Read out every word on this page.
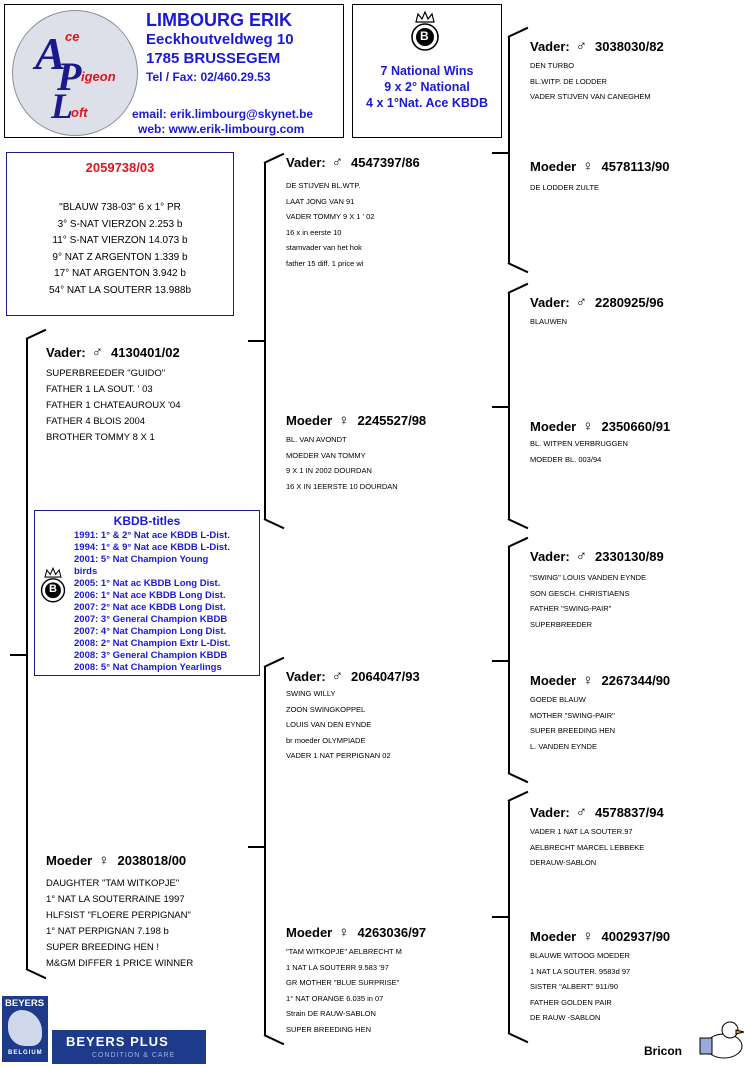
A ce
P igeon
L
oft
LIMBOURG ERIK
Eeckhoutveldweg 10
1785 BRUSSEGEM
Tel / Fax: 02/460.29.53
email: erik.limbourg@skynet.be
web: www.erik-limbourg.com
B
7 National Wins
9 x 2° National
4 x 1°Nat. Ace KBDB
2059738/03
"BLAUW 738-03" 6 x 1° PR
3° S-NAT VIERZON 2.253 b
11° S-NAT VIERZON 14.073 b
9° NAT Z ARGENTON 1.339 b
17° NAT ARGENTON 3.942 b
54° NAT LA SOUTERR 13.988b
Vader: ♂ 4130401/02
SUPERBREEDER "GUIDO"
FATHER 1 LA SOUT. ' 03
FATHER 1 CHATEAUROUX '04
FATHER 4 BLOIS 2004
BROTHER TOMMY 8 X 1
Moeder ♀ 2038018/00
DAUGHTER "TAM WITKOPJE"
1° NAT LA SOUTERRAINE 1997
HLFSIST "FLOERE PERPIGNAN"
1° NAT PERPIGNAN 7.198 b
SUPER BREEDING HEN !
M&GM DIFFER 1 PRICE WINNER
Vader: ♂ 4547397/86
DE STIJVEN BL.WTP.
LAAT JONG VAN 91
VADER TOMMY 9 X 1 ' 02
16 x in eerste 10
stamvader van het hok
father 15 diff. 1 price wi
Moeder ♀ 2245527/98
BL. VAN AVONDT
MOEDER VAN TOMMY
9 X 1 IN 2002 DOURDAN
16 X IN 1EERSTE 10 DOURDAN
Vader: ♂ 2064047/93
SWING WILLY
ZOON SWINGKOPPEL
LOUIS VAN DEN EYNDE
br moeder OLYMPIADE
VADER 1 NAT PERPIGNAN 02
Moeder ♀ 4263036/97
"TAM WITKOPJE" AELBRECHT M
1 NAT LA SOUTERR 9.583 '97
GR MOTHER "BLUE SURPRISE"
1° NAT ORANGE 6.035 in 07
Strain DE RAUW-SABLON
SUPER BREEDING HEN
Vader: ♂ 3038030/82
DEN TURBO
BL.WITP. DE LODDER
VADER STIJVEN VAN CANEGHEM
Moeder ♀ 4578113/90
DE LODDER ZULTE
Vader: ♂ 2280925/96
BLAUWEN
Moeder ♀ 2350660/91
BL. WITPEN VERBRUGGEN
MOEDER BL. 003/94
Vader: ♂ 2330130/89
"SWING" LOUIS VANDEN EYNDE
SON GESCH. CHRISTIAENS
FATHER "SWING-PAIR"
SUPERBREEDER
Moeder ♀ 2267344/90
GOEDE BLAUW
MOTHER "SWING-PAIR"
SUPER BREEDING HEN
L. VANDEN EYNDE
Vader: ♂ 4578837/94
VADER 1 NAT LA SOUTER.97
AELBRECHT MARCEL LEBBEKE
DERAUW-SABLON
Moeder ♀ 4002937/90
BLAUWE WITOOG MOEDER
1 NAT LA SOUTER. 9583d 97
SISTER "ALBERT" 911/90
FATHER GOLDEN PAIR
DE RAUW -SABLON
KBDB-titles
B
1991: 1° & 2° Nat ace KBDB L-Dist.
1994: 1° & 9° Nat ace KBDB L-Dist.
2001: 5° Nat Champion Young
birds
2005: 1° Nat ac KBDB Long Dist.
2006: 1° Nat ace KBDB Long Dist.
2007: 2° Nat ace KBDB Long Dist.
2007: 3° General Champion KBDB
2007: 4° Nat Champion Long Dist.
2008: 2° Nat Champion Extr L-Dist.
2008: 3° General Champion KBDB
2008: 5° Nat Champion Yearlings
BEYERS
BELGIUM
BEYERS PLUS
CONDITION & CARE	Bricon
